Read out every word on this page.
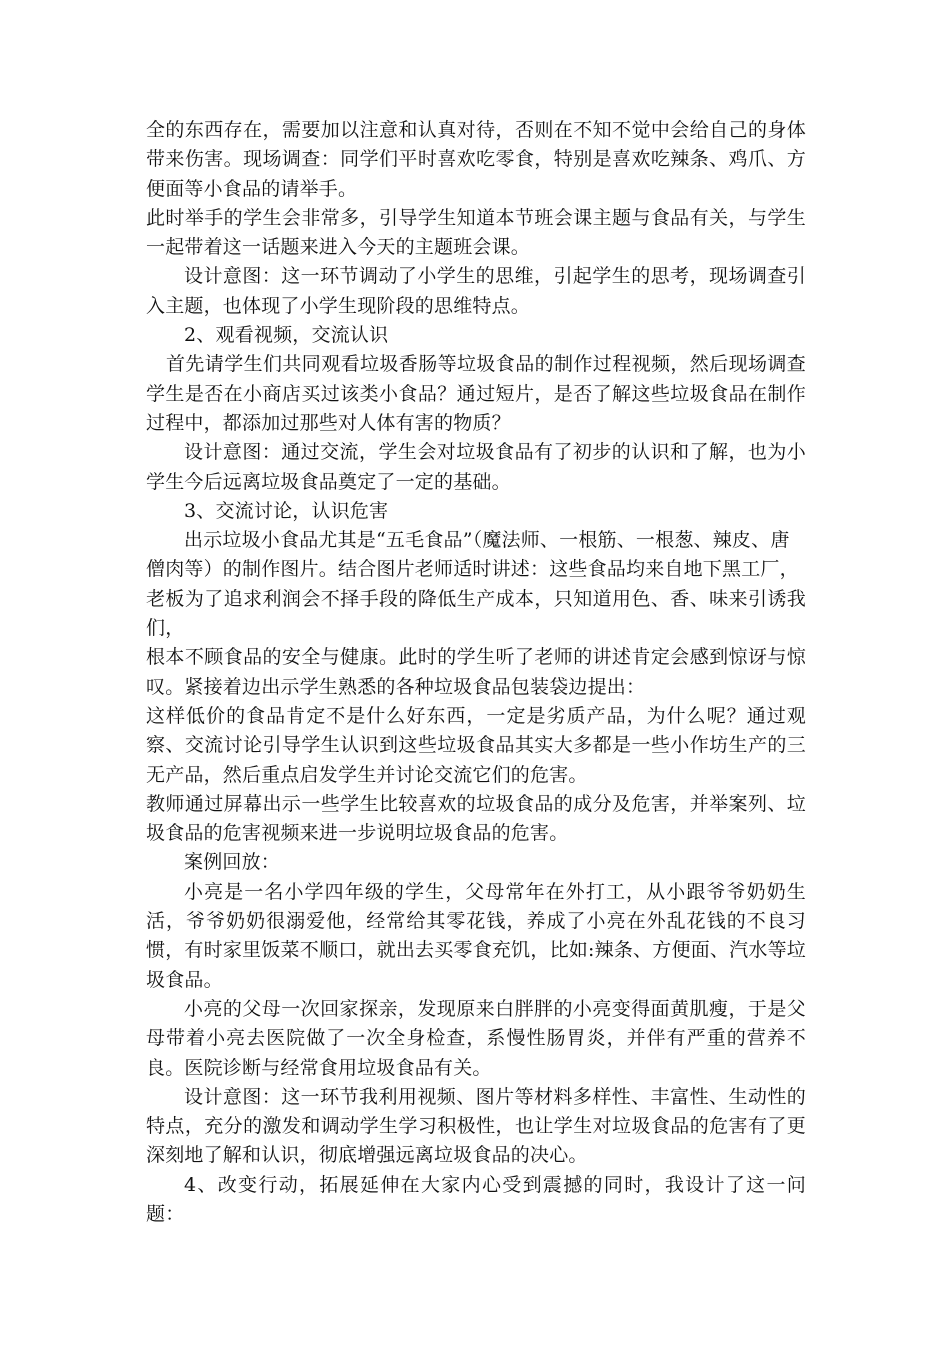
全的东西存在，需要加以注意和认真对待，否则在不知不觉中会给自己的身体带来伤害。现场调查：同学们平时喜欢吃零食，特别是喜欢吃辣条、鸡爪、方便面等小食品的请举手。

此时举手的学生会非常多，引导学生知道本节班会课主题与食品有关，与学生一起带着这一话题来进入今天的主题班会课。

设计意图：这一环节调动了小学生的思维，引起学生的思考，现场调查引入主题，也体现了小学生现阶段的思维特点。

2、观看视频，交流认识

首先请学生们共同观看垃圾香肠等垃圾食品的制作过程视频，然后现场调查学生是否在小商店买过该类小食品？通过短片，是否了解这些垃圾食品在制作过程中，都添加过那些对人体有害的物质？

设计意图：通过交流，学生会对垃圾食品有了初步的认识和了解，也为小学生今后远离垃圾食品奠定了一定的基础。

3、交流讨论，认识危害

出示垃圾小食品尤其是“五毛食品”（魔法师、一根筋、一根葱、辣皮、唐

僧肉等）的制作图片。结合图片老师适时讲述：这些食品均来自地下黑工厂，

老板为了追求利润会不择手段的降低生产成本，只知道用色、香、味来引诱我们，

根本不顾食品的安全与健康。此时的学生听了老师的讲述肯定会感到惊讶与惊叹。紧接着边出示学生熟悉的各种垃圾食品包装袋边提出：

这样低价的食品肯定不是什么好东西，一定是劣质产品，为什么呢？通过观察、交流讨论引导学生认识到这些垃圾食品其实大多都是一些小作坊生产的三无产品，然后重点启发学生并讨论交流它们的危害。

教师通过屏幕出示一些学生比较喜欢的垃圾食品的成分及危害，并举案列、垃圾食品的危害视频来进一步说明垃圾食品的危害。

案例回放：

小亮是一名小学四年级的学生，父母常年在外打工，从小跟爷爷奶奶生活，爷爷奶奶很溺爱他，经常给其零花钱，养成了小亮在外乱花钱的不良习惯，有时家里饭菜不顺口，就出去买零食充饥，比如:辣条、方便面、汽水等垃圾食品。

小亮的父母一次回家探亲，发现原来白胖胖的小亮变得面黄肌瘦，于是父母带着小亮去医院做了一次全身检查，系慢性肠胃炎，并伴有严重的营养不良。医院诊断与经常食用垃圾食品有关。

设计意图：这一环节我利用视频、图片等材料多样性、丰富性、生动性的特点，充分的激发和调动学生学习积极性，也让学生对垃圾食品的危害有了更深刻地了解和认识，彻底增强远离垃圾食品的决心。

4、改变行动，拓展延伸在大家内心受到震撼的同时，我设计了这一问题：
